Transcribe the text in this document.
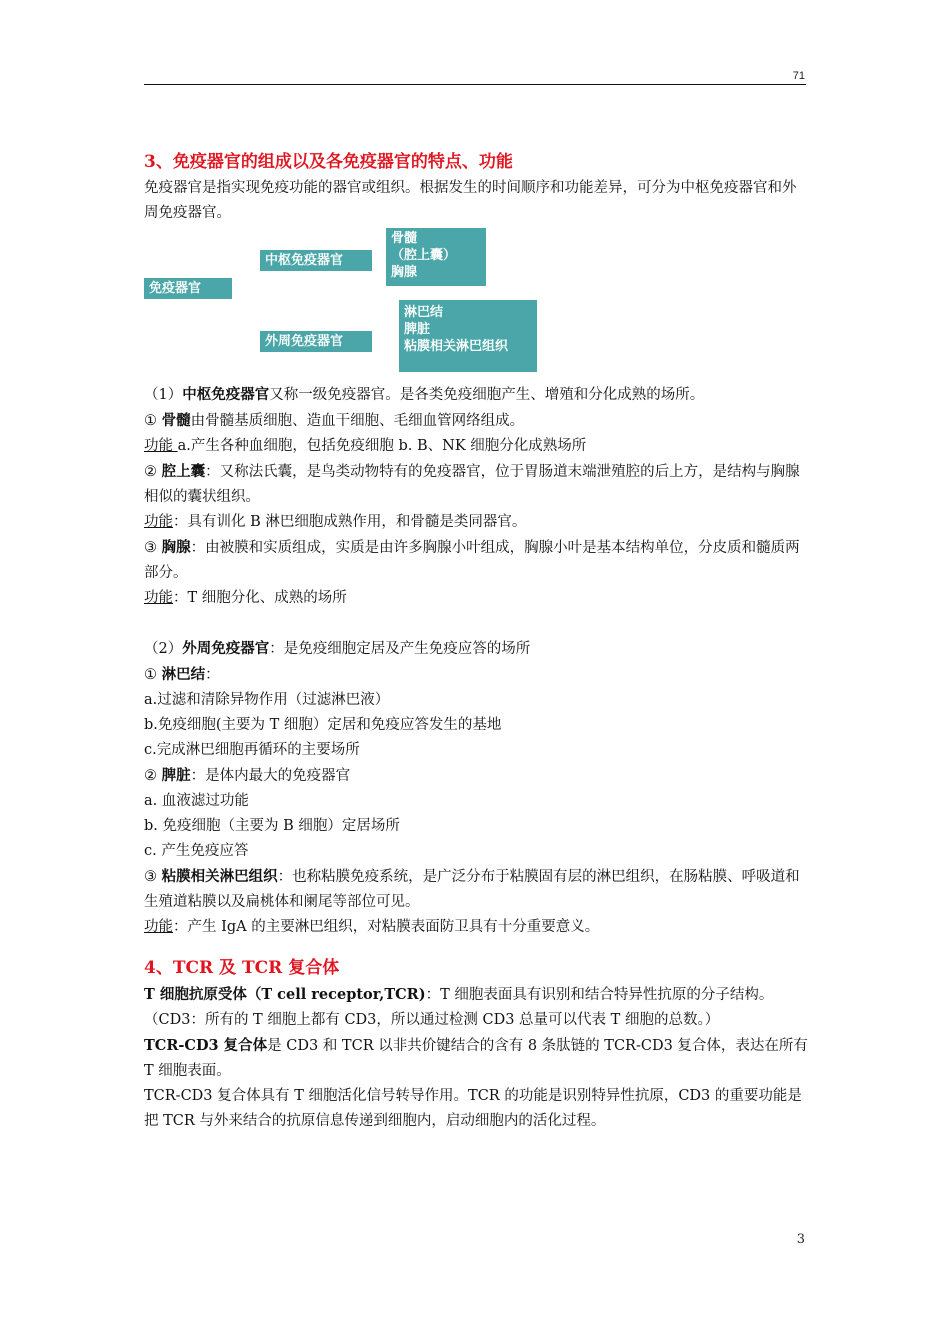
71
3、免疫器官的组成以及各免疫器官的特点、功能

免疫器官是指实现免疫功能的器官或组织。根据发生的时间顺序和功能差异，可分为中枢免疫器官和外周免疫器官。

免疫器官
中枢免疫器官
骨髓
（腔上囊）
胸腺
外周免疫器官
淋巴结
脾脏
粘膜相关淋巴组织

（1）中枢免疫器官又称一级免疫器官。是各类免疫细胞产生、增殖和分化成熟的场所。

① 骨髓由骨髓基质细胞、造血干细胞、毛细血管网络组成。

功能 a.产生各种血细胞，包括免疫细胞 b. B、NK 细胞分化成熟场所

② 腔上囊：又称法氏囊，是鸟类动物特有的免疫器官，位于胃肠道末端泄殖腔的后上方，是结构与胸腺相似的囊状组织。

功能：具有训化 B 淋巴细胞成熟作用，和骨髓是类同器官。

③ 胸腺：由被膜和实质组成，实质是由许多胸腺小叶组成，胸腺小叶是基本结构单位，分皮质和髓质两部分。

功能：T 细胞分化、成熟的场所

（2）外周免疫器官：是免疫细胞定居及产生免疫应答的场所

① 淋巴结：

a.过滤和清除异物作用（过滤淋巴液）

b.免疫细胞(主要为 T 细胞）定居和免疫应答发生的基地

c.完成淋巴细胞再循环的主要场所

② 脾脏：是体内最大的免疫器官

a. 血液滤过功能

b. 免疫细胞（主要为 B 细胞）定居场所

c. 产生免疫应答

③ 粘膜相关淋巴组织：也称粘膜免疫系统，是广泛分布于粘膜固有层的淋巴组织，在肠粘膜、呼吸道和生殖道粘膜以及扁桃体和阑尾等部位可见。

功能：产生 IgA 的主要淋巴组织，对粘膜表面防卫具有十分重要意义。

4、TCR 及 TCR 复合体

T 细胞抗原受体（T cell receptor,TCR)：T 细胞表面具有识别和结合特异性抗原的分子结构。（CD3：所有的 T 细胞上都有 CD3，所以通过检测 CD3 总量可以代表 T 细胞的总数。）

TCR-CD3 复合体是 CD3 和 TCR 以非共价键结合的含有 8 条肽链的 TCR-CD3 复合体，表达在所有 T 细胞表面。

TCR-CD3 复合体具有 T 细胞活化信号转导作用。TCR 的功能是识别特异性抗原，CD3 的重要功能是把 TCR 与外来结合的抗原信息传递到细胞内，启动细胞内的活化过程。

3
